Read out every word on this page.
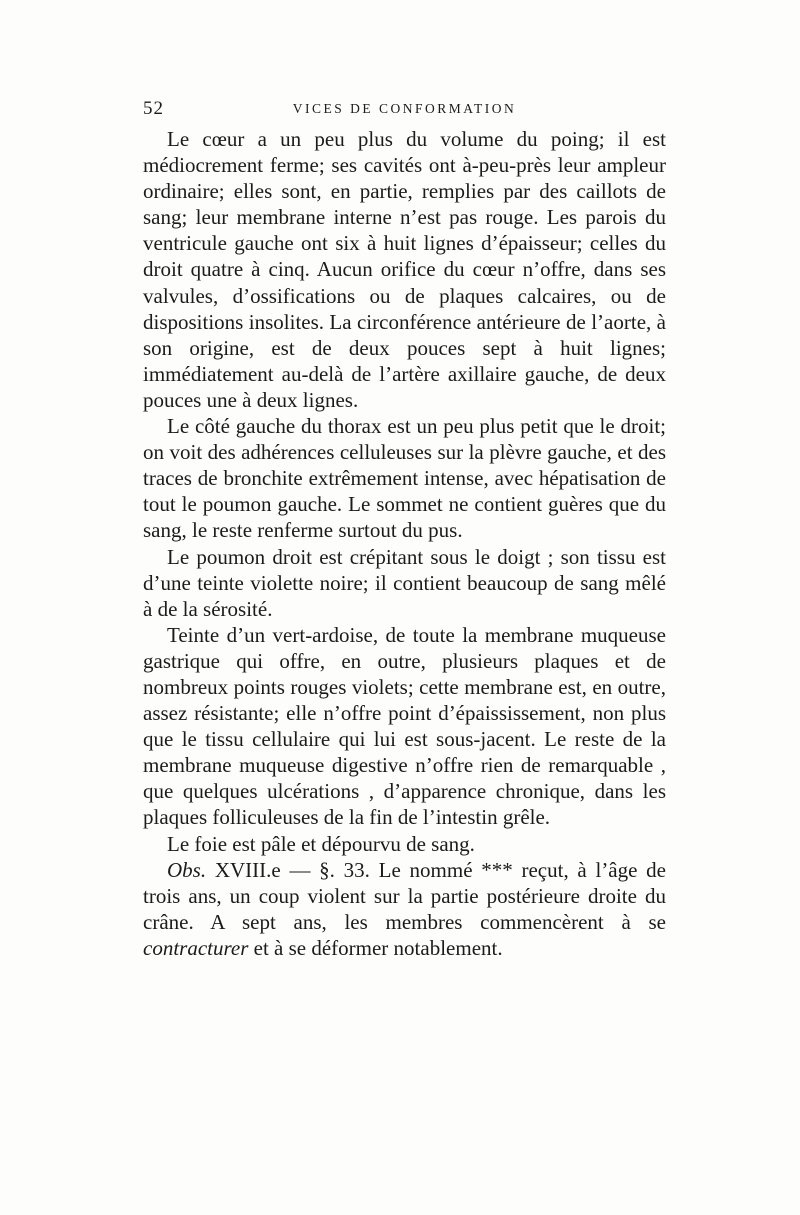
52	VICES DE CONFORMATION

Le cœur a un peu plus du volume du poing; il est médiocrement ferme; ses cavités ont à-peu-près leur ampleur ordinaire; elles sont, en partie, remplies par des caillots de sang; leur membrane interne n’est pas rouge. Les parois du ventricule gauche ont six à huit lignes d’épaisseur; celles du droit quatre à cinq. Aucun orifice du cœur n’offre, dans ses valvules, d’ossifications ou de plaques calcaires, ou de dispositions insolites. La circonférence antérieure de l’aorte, à son origine, est de deux pouces sept à huit lignes; immédiatement au-delà de l’artère axillaire gauche, de deux pouces une à deux lignes.

Le côté gauche du thorax est un peu plus petit que le droit; on voit des adhérences celluleuses sur la plèvre gauche, et des traces de bronchite extrêmement intense, avec hépatisation de tout le poumon gauche. Le sommet ne contient guères que du sang, le reste renferme surtout du pus.

Le poumon droit est crépitant sous le doigt ; son tissu est d’une teinte violette noire; il contient beaucoup de sang mêlé à de la sérosité.

Teinte d’un vert-ardoise, de toute la membrane muqueuse gastrique qui offre, en outre, plusieurs plaques et de nombreux points rouges violets; cette membrane est, en outre, assez résistante; elle n’offre point d’épaississement, non plus que le tissu cellulaire qui lui est sous-jacent. Le reste de la membrane muqueuse digestive n’offre rien de remarquable , que quelques ulcérations , d’apparence chronique, dans les plaques folliculeuses de la fin de l’intestin grêle.

Le foie est pâle et dépourvu de sang.

Obs. XVIII.e — §. 33. Le nommé *** reçut, à l’âge de trois ans, un coup violent sur la partie postérieure droite du crâne. A sept ans, les membres commencèrent à se contracturer et à se déformer notablement.
